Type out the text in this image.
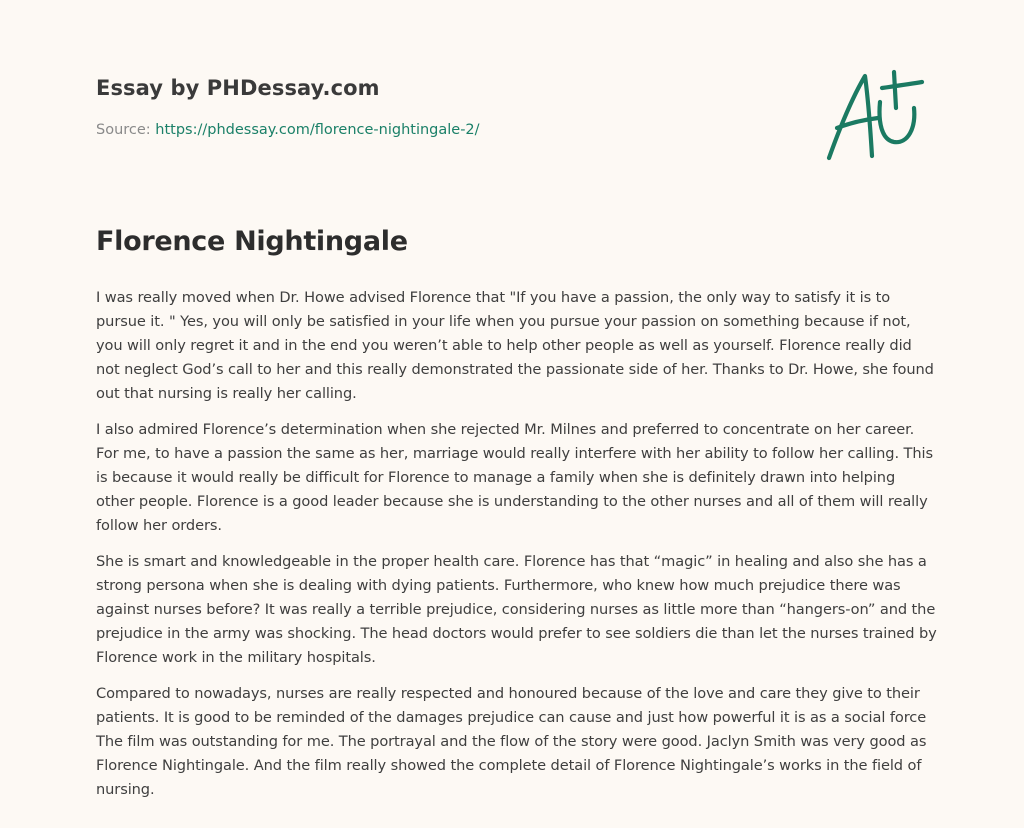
Essay by PHDessay.com
Source: https://phdessay.com/florence-nightingale-2/
Florence Nightingale

I was really moved when Dr. Howe advised Florence that "If you have a passion, the only way to satisfy it is to pursue it. " Yes, you will only be satisfied in your life when you pursue your passion on something because if not, you will only regret it and in the end you weren’t able to help other people as well as yourself. Florence really did not neglect God’s call to her and this really demonstrated the passionate side of her. Thanks to Dr. Howe, she found out that nursing is really her calling.

I also admired Florence’s determination when she rejected Mr. Milnes and preferred to concentrate on her career. For me, to have a passion the same as her, marriage would really interfere with her ability to follow her calling. This is because it would really be difficult for Florence to manage a family when she is definitely drawn into helping other people. Florence is a good leader because she is understanding to the other nurses and all of them will really follow her orders.

She is smart and knowledgeable in the proper health care. Florence has that “magic” in healing and also she has a strong persona when she is dealing with dying patients. Furthermore, who knew how much prejudice there was against nurses before? It was really a terrible prejudice, considering nurses as little more than “hangers-on” and the prejudice in the army was shocking. The head doctors would prefer to see soldiers die than let the nurses trained by Florence work in the military hospitals.

Compared to nowadays, nurses are really respected and honoured because of the love and care they give to their patients. It is good to be reminded of the damages prejudice can cause and just how powerful it is as a social force The film was outstanding for me. The portrayal and the flow of the story were good. Jaclyn Smith was very good as Florence Nightingale. And the film really showed the complete detail of Florence Nightingale’s works in the field of nursing.
